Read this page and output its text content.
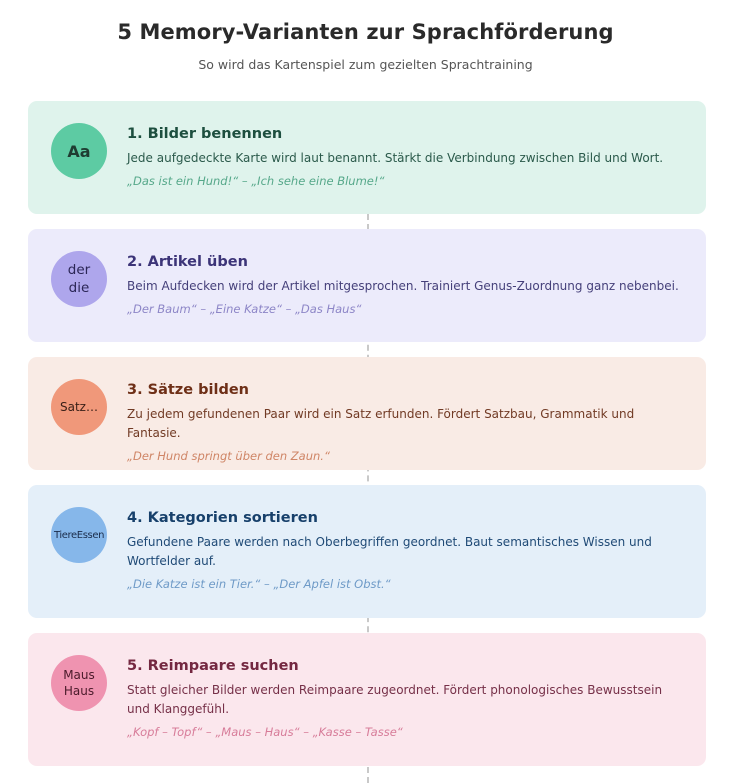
5 Memory-Varianten zur Sprachförderung
So wird das Kartenspiel zum gezielten Sprachtraining
Aa
1. Bilder benennen
Jede aufgedeckte Karte wird laut benannt. Stärkt die Verbindung zwischen Bild und Wort.
„Das ist ein Hund!“ – „Ich sehe eine Blume!“
der
die
2. Artikel üben
Beim Aufdecken wird der Artikel mitgesprochen. Trainiert Genus-Zuordnung ganz nebenbei.
„Der Baum“ – „Eine Katze“ – „Das Haus“
Satz…
3. Sätze bilden
Zu jedem gefundenen Paar wird ein Satz erfunden. Fördert Satzbau, Grammatik und Fantasie.
„Der Hund springt über den Zaun.“
TiereEssen
4. Kategorien sortieren
Gefundene Paare werden nach Oberbegriffen geordnet. Baut semantisches Wissen und Wortfelder auf.
„Die Katze ist ein Tier.“ – „Der Apfel ist Obst.“
Maus
Haus
5. Reimpaare suchen
Statt gleicher Bilder werden Reimpaare zugeordnet. Fördert phonologisches Bewusstsein und Klanggefühl.
„Kopf – Topf“ – „Maus – Haus“ – „Kasse – Tasse“
